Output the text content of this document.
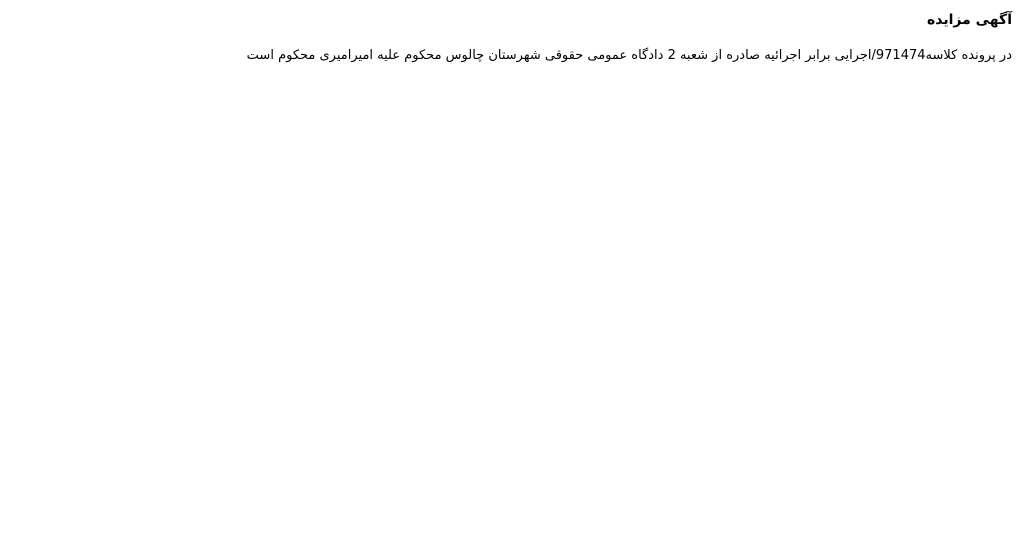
آگهی مزایده

در پرونده کلاسه971474/اجرایی برابر اجرائیه صادره از شعبه 2 دادگاه عمومی حقوقی شهرستان چالوس محکوم علیه امیرامیری محکوم است
